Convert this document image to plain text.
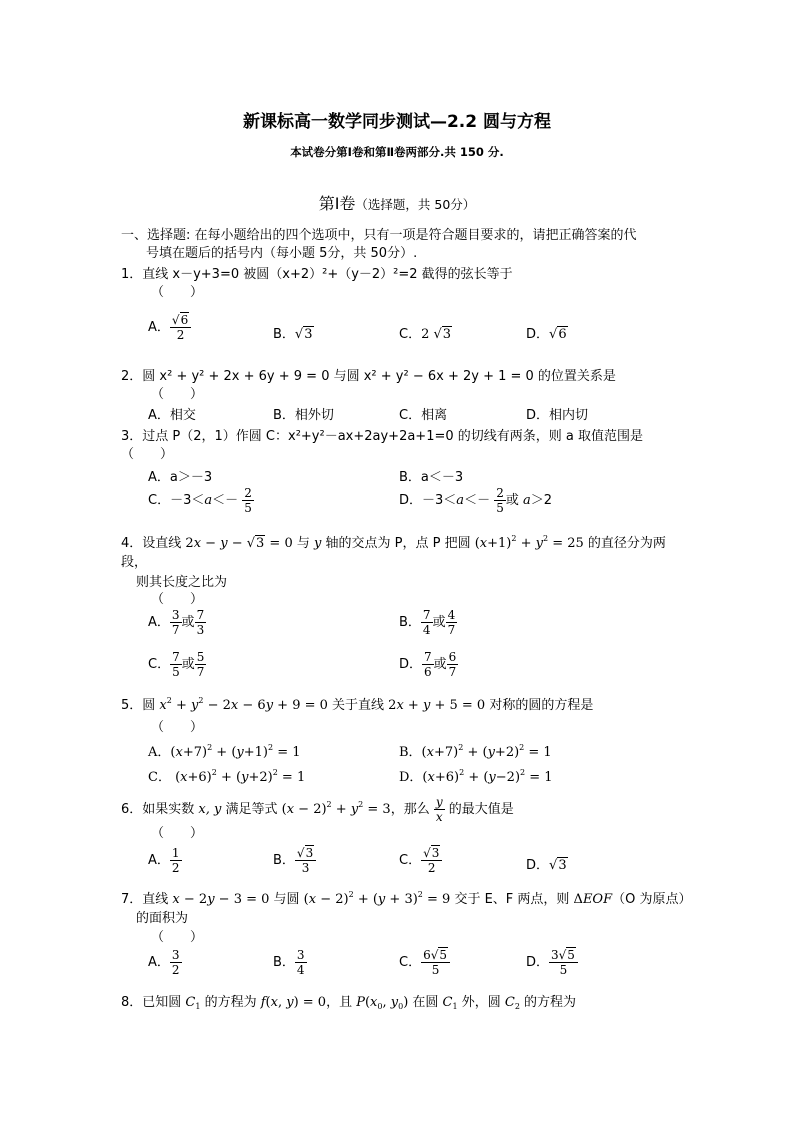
新课标高一数学同步测试—2.2 圆与方程
本试卷分第Ⅰ卷和第Ⅱ卷两部分.共 150 分.
第Ⅰ卷（选择题，共 50分）
一、选择题: 在每小题给出的四个选项中，只有一项是符合题目要求的，请把正确答案的代
号填在题后的括号内（每小题 5分，共 50分）.
1．直线 x－y+3=0 被圆（x+2）²+（y－2）²=2 截得的弦长等于
（　　）
A． $\frac{√6}{2}$	B．√3	C．2 √3	D．√6
2．圆 x² + y² + 2x + 6y + 9 = 0 与圆 x² + y² − 6x + 2y + 1 = 0 的位置关系是
（　　）
A．相交	B．相外切	C．相离	D．相内切
3．过点 P（2，1）作圆 C：x²+y²－ax+2ay+2a+1=0 的切线有两条，则 a 取值范围是
（　　）
A．a＞－3	B．a＜－3
C．$-3<a<- \frac{2}{5}$	D．$-3<a<- \frac{2}{5}$ 或 a＞2
4．设直线 2x − y − √3 = 0 与 y 轴的交点为 P，点 P 把圆 $(x+1)^2 + y^2 = 25$ 的直径分为两
段，
则其长度之比为
（　　）
A． $\frac{3}{7}$ 或 $\frac{7}{3}$	B． $\frac{7}{4}$ 或 $\frac{4}{7}$
C． $\frac{7}{5}$ 或 $\frac{5}{7}$	D． $\frac{7}{6}$ 或 $\frac{6}{7}$
5．圆 $x^2 + y^2 - 2x - 6y + 9 = 0$ 关于直线 2x + y + 5 = 0 对称的圆的方程是
（　　）
A．$(x+7)^2 + (y+1)^2 = 1$	B．$(x+7)^2 + (y+2)^2 = 1$
C． $(x+6)^2 + (y+2)^2 = 1$	D．$(x+6)^2 + (y-2)^2 = 1$
6．如果实数 x, y 满足等式 $(x - 2)^2 + y^2 = 3$，那么 $\frac{y}{x}$ 的最大值是
（　　）
A． $\frac{1}{2}$	B． $\frac{√3}{3}$	C． $\frac{√3}{2}$	D．√3
7．直线 x − 2y − 3 = 0 与圆 $(x - 2)^2 + (y + 3)^2 = 9$ 交于 E、F 两点，则 ΔEOF（O 为原点）
的面积为
（　　）
A． $\frac{3}{2}$	B． $\frac{3}{4}$	C． $\frac{6√5}{5}$	D． $\frac{3√5}{5}$
8．已知圆 $C_1$ 的方程为 f(x, y) = 0，且 $P(x_0$, $y_0$) 在圆 $C_1$ 外，圆 $C_2$ 的方程为
